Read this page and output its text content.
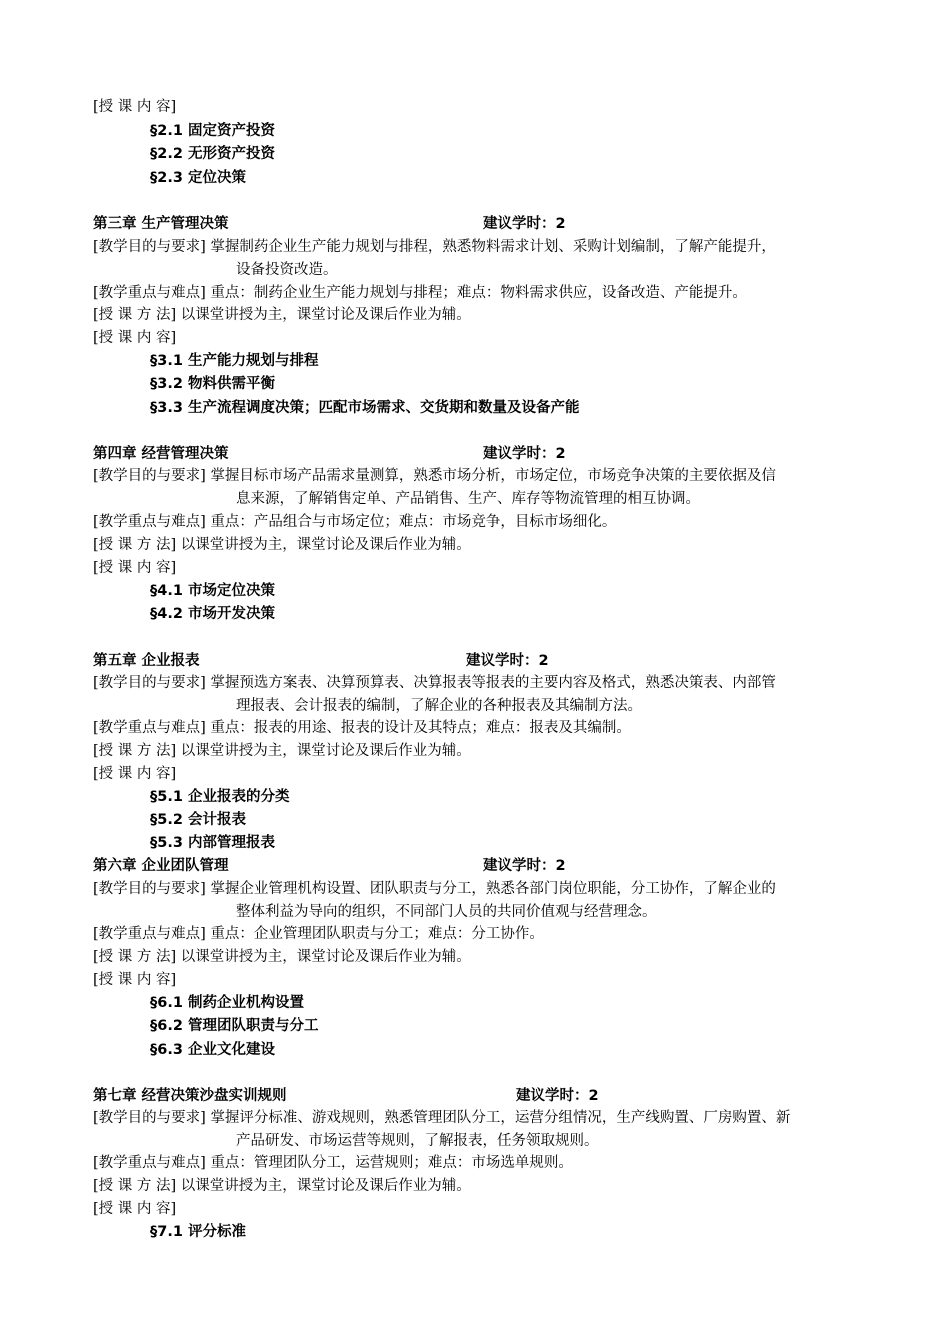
[授 课 内 容]
§2.1 固定资产投资
§2.2 无形资产投资
§2.3 定位决策
第三章 生产管理决策	建议学时：2
[教学目的与要求] 掌握制药企业生产能力规划与排程，熟悉物料需求计划、采购计划编制，了解产能提升，
设备投资改造。
[教学重点与难点] 重点：制药企业生产能力规划与排程；难点：物料需求供应，设备改造、产能提升。
[授 课 方 法] 以课堂讲授为主，课堂讨论及课后作业为辅。
[授 课 内 容]
§3.1 生产能力规划与排程
§3.2 物料供需平衡
§3.3 生产流程调度决策；匹配市场需求、交货期和数量及设备产能
第四章 经营管理决策	建议学时：2
[教学目的与要求] 掌握目标市场产品需求量测算，熟悉市场分析，市场定位，市场竞争决策的主要依据及信
息来源，了解销售定单、产品销售、生产、库存等物流管理的相互协调。
[教学重点与难点] 重点：产品组合与市场定位；难点：市场竞争，目标市场细化。
[授 课 方 法] 以课堂讲授为主，课堂讨论及课后作业为辅。
[授 课 内 容]
§4.1 市场定位决策
§4.2 市场开发决策
第五章 企业报表	建议学时：2
[教学目的与要求] 掌握预选方案表、决算预算表、决算报表等报表的主要内容及格式，熟悉决策表、内部管
理报表、会计报表的编制，了解企业的各种报表及其编制方法。
[教学重点与难点] 重点：报表的用途、报表的设计及其特点；难点：报表及其编制。
[授 课 方 法] 以课堂讲授为主，课堂讨论及课后作业为辅。
[授 课 内 容]
§5.1 企业报表的分类
§5.2 会计报表
§5.3 内部管理报表
第六章 企业团队管理	建议学时：2
[教学目的与要求] 掌握企业管理机构设置、团队职责与分工，熟悉各部门岗位职能，分工协作，了解企业的
整体利益为导向的组织，不同部门人员的共同价值观与经营理念。
[教学重点与难点] 重点：企业管理团队职责与分工；难点：分工协作。
[授 课 方 法] 以课堂讲授为主，课堂讨论及课后作业为辅。
[授 课 内 容]
§6.1 制药企业机构设置
§6.2 管理团队职责与分工
§6.3 企业文化建设
第七章 经营决策沙盘实训规则	建议学时：2
[教学目的与要求] 掌握评分标准、游戏规则，熟悉管理团队分工，运营分组情况，生产线购置、厂房购置、新
产品研发、市场运营等规则，了解报表，任务领取规则。
[教学重点与难点] 重点：管理团队分工，运营规则；难点：市场选单规则。
[授 课 方 法] 以课堂讲授为主，课堂讨论及课后作业为辅。
[授 课 内 容]
§7.1 评分标准
